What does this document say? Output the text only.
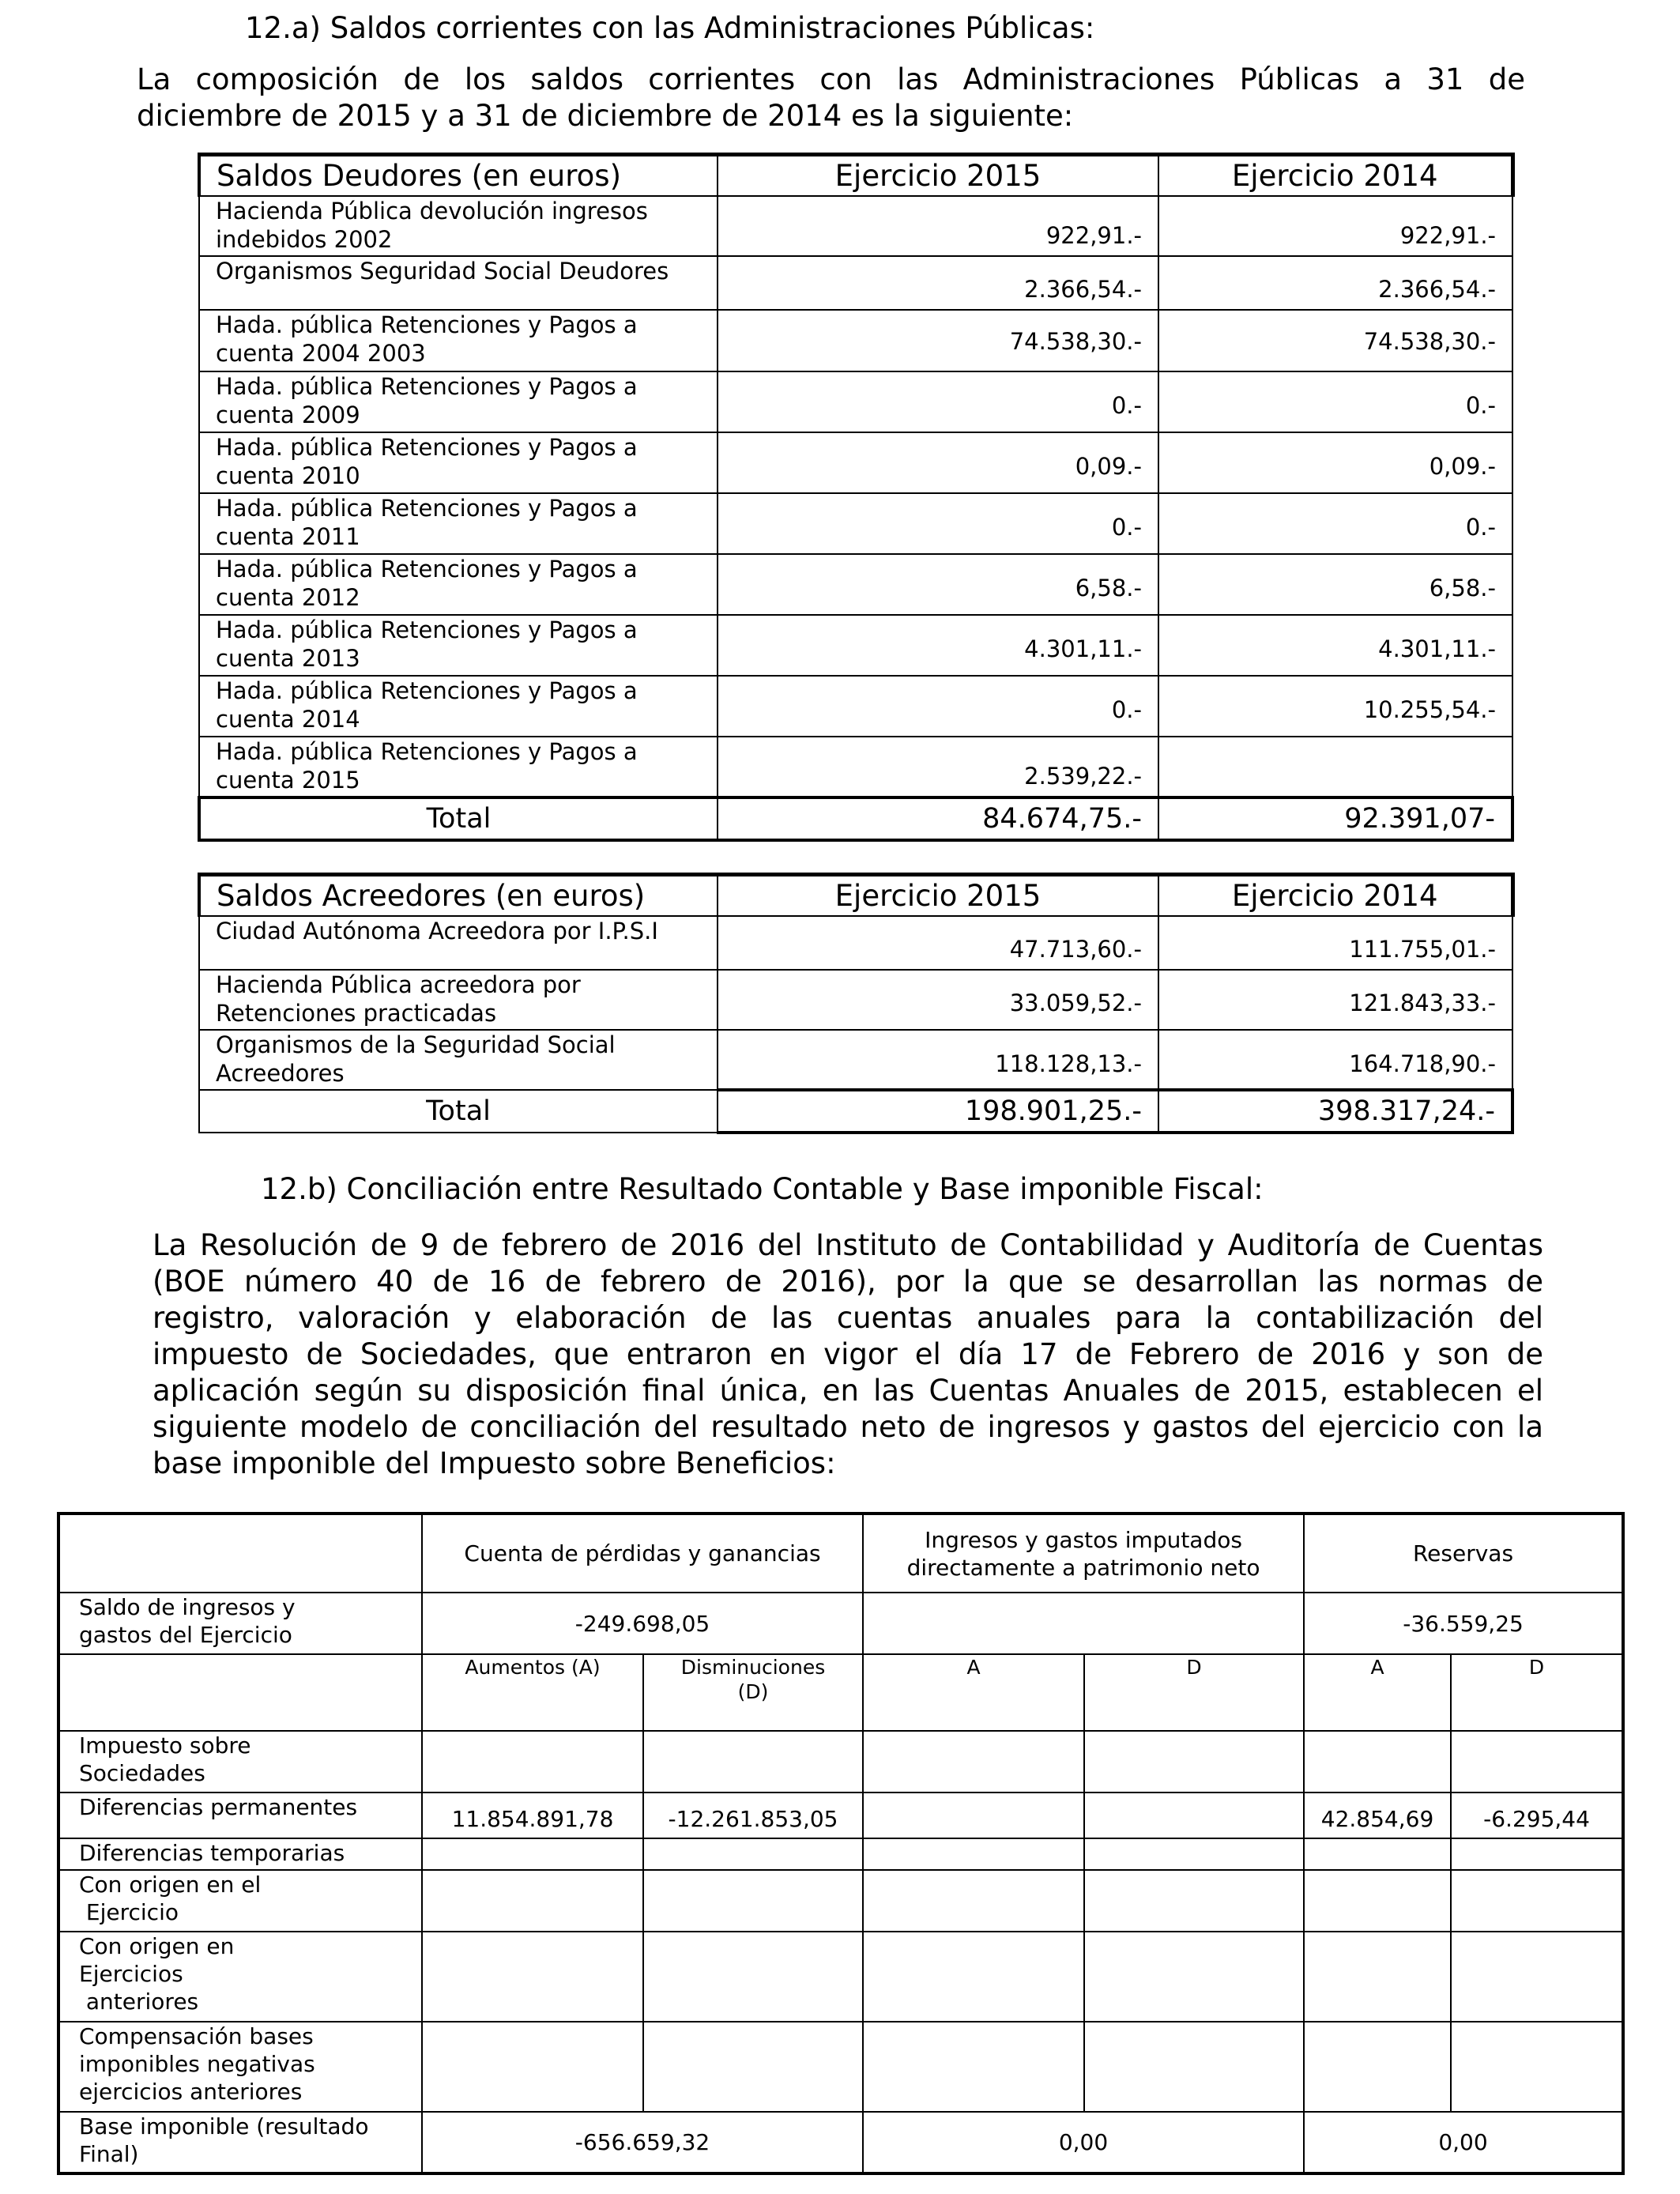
12.a) Saldos corrientes con las Administraciones Públicas:
La composición de los saldos corrientes con las Administraciones Públicas a 31 de
diciembre de 2015 y a 31 de diciembre de 2014 es la siguiente:
Saldos Deudores (en euros)	Ejercicio 2015	Ejercicio 2014
Hacienda Pública devolución ingresos
indebidos 2002	922,91.-	922,91.-
Organismos Seguridad Social Deudores	2.366,54.-	2.366,54.-
Hada. pública Retenciones y Pagos a
cuenta 2004 2003	74.538,30.-	74.538,30.-
Hada. pública Retenciones y Pagos a
cuenta 2009	0.-	0.-
Hada. pública Retenciones y Pagos a
cuenta 2010	0,09.-	0,09.-
Hada. pública Retenciones y Pagos a
cuenta 2011	0.-	0.-
Hada. pública Retenciones y Pagos a
cuenta 2012	6,58.-	6,58.-
Hada. pública Retenciones y Pagos a
cuenta 2013	4.301,11.-	4.301,11.-
Hada. pública Retenciones y Pagos a
cuenta 2014	0.-	10.255,54.-
Hada. pública Retenciones y Pagos a
cuenta 2015	2.539,22.-	
Total	84.674,75.-	92.391,07-
Saldos Acreedores (en euros)	Ejercicio 2015	Ejercicio 2014
Ciudad Autónoma Acreedora por I.P.S.I	47.713,60.-	111.755,01.-
Hacienda Pública acreedora por
Retenciones practicadas	33.059,52.-	121.843,33.-
Organismos de la Seguridad Social
Acreedores	118.128,13.-	164.718,90.-
Total	198.901,25.-	398.317,24.-
12.b) Conciliación entre Resultado Contable y Base imponible Fiscal:
La Resolución de 9 de febrero de 2016 del Instituto de Contabilidad y Auditoría de Cuentas
(BOE número 40 de 16 de febrero de 2016), por la que se desarrollan las normas de
registro, valoración y elaboración de las cuentas anuales para la contabilización del
impuesto de Sociedades, que entraron en vigor el día 17 de Febrero de 2016 y son de
aplicación según su disposición final única, en las Cuentas Anuales de 2015, establecen el
siguiente modelo de conciliación del resultado neto de ingresos y gastos del ejercicio con la
base imponible del Impuesto sobre Beneficios:
	Cuenta de pérdidas y ganancias		Ingresos y gastos imputados
directamente a patrimonio neto		Reservas	
Saldo de ingresos y
gastos del Ejercicio	-249.698,05				-36.559,25	
	Aumentos (A)	Disminuciones
(D)	A	D	A	D
Impuesto sobre
Sociedades						
Diferencias permanentes	11.854.891,78	-12.261.853,05			42.854,69	-6.295,44
Diferencias temporarias						
Con origen en el
Ejercicio						
Con origen en
Ejercicios
anteriores						
Compensación bases
imponibles negativas
ejercicios anteriores						
Base imponible (resultado
Final)	-656.659,32		0,00		0,00	
